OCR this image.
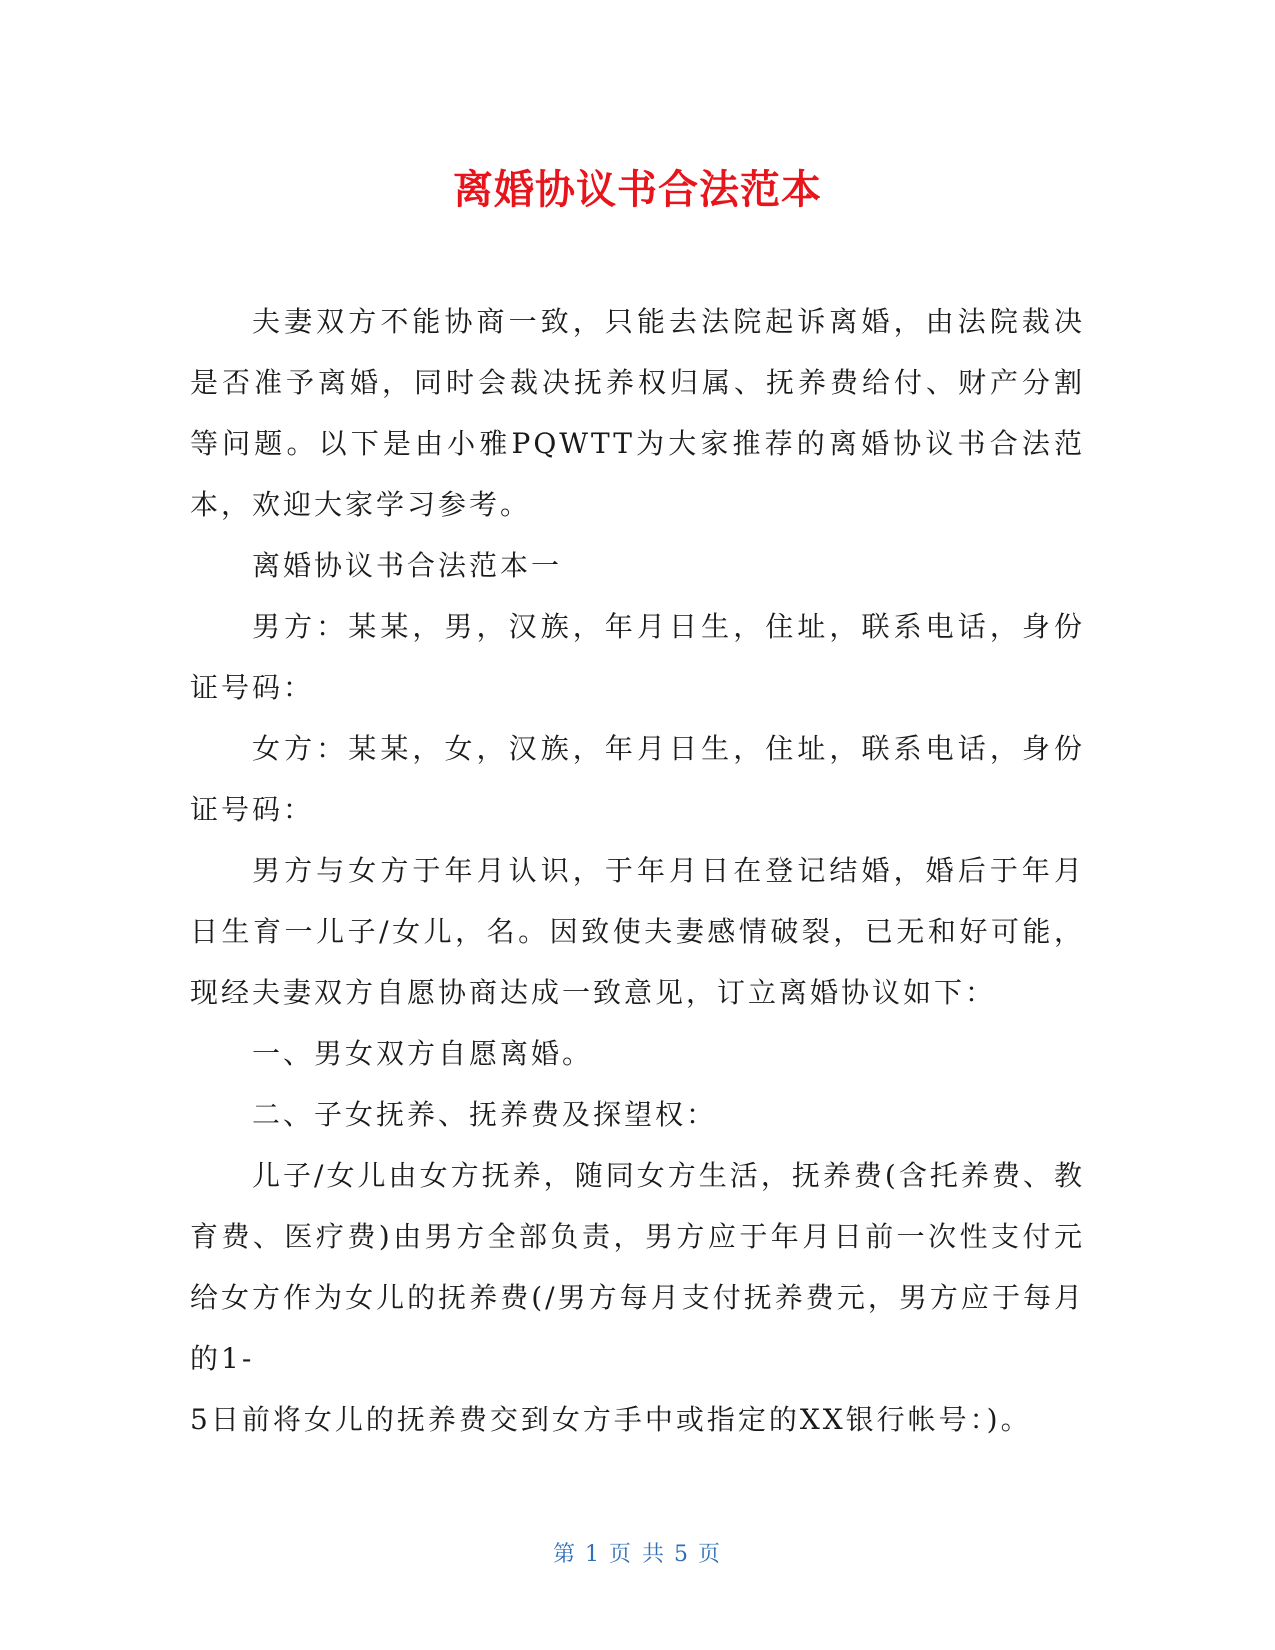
离婚协议书合法范本

夫妻双方不能协商一致，只能去法院起诉离婚，由法院裁决是否准予离婚，同时会裁决抚养权归属、抚养费给付、财产分割等问题。以下是由小雅PQWTT为大家推荐的离婚协议书合法范本，欢迎大家学习参考。

离婚协议书合法范本一

男方：某某，男，汉族，年月日生，住址，联系电话，身份证号码：

女方：某某，女，汉族，年月日生，住址，联系电话，身份证号码：

男方与女方于年月认识，于年月日在登记结婚，婚后于年月日生育一儿子/女儿，名。因致使夫妻感情破裂，已无和好可能，现经夫妻双方自愿协商达成一致意见，订立离婚协议如下：

一、男女双方自愿离婚。

二、子女抚养、抚养费及探望权：

儿子/女儿由女方抚养，随同女方生活，抚养费(含托养费、教育费、医疗费)由男方全部负责，男方应于年月日前一次性支付元给女方作为女儿的抚养费(/男方每月支付抚养费元，男方应于每月的1-

5日前将女儿的抚养费交到女方手中或指定的XX银行帐号：)。

第 1 页 共 5 页
